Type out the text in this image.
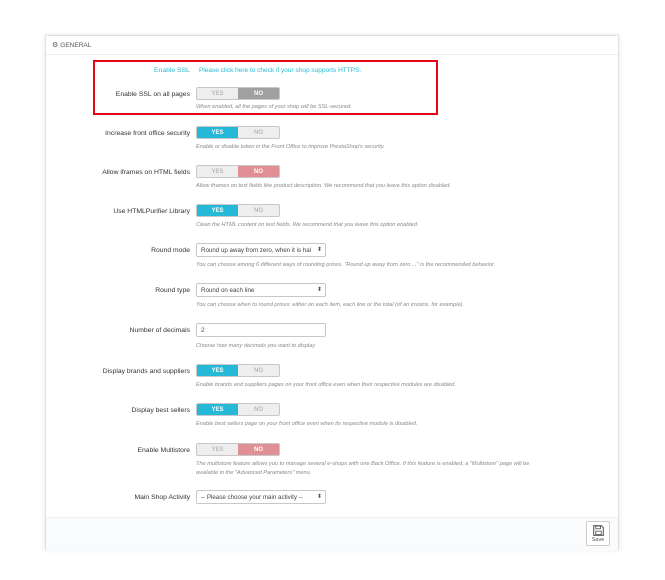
⚙ GENERAL
Enable SSL Please click here to check if your shop supports HTTPS.
Enable SSL on all pages	YES	NO
When enabled, all the pages of your shop will be SSL-secured.
Increase front office security	YES	NO
Enable or disable token in the Front Office to improve PrestaShop's security.
Allow iframes on HTML fields	YES	NO
Allow iframes on text fields like product description. We recommend that you leave this option disabled.
Use HTMLPurifier Library	YES	NO
Clean the HTML content on text fields. We recommend that you leave this option enabled.
Round mode	Round up away from zero, when it is hal ⬍
You can choose among 6 different ways of rounding prices. "Round up away from zero ..." is the recommended behavior.
Round type	Round on each line	⬍
You can choose when to round prices: either on each item, each line or the total (of an invoice, for example).
Number of decimals	2
Choose how many decimals you want to display
Display brands and suppliers	YES	NO
Enable brands and suppliers pages on your front office even when their respective modules are disabled.
Display best sellers	YES	NO
Enable best sellers page on your front office even when its respective module is disabled.
Enable Multistore	YES	NO
The multistore feature allows you to manage several e-shops with one Back Office. If this feature is enabled, a "Multistore" page will be
available in the "Advanced Parameters" menu.
Main Shop Activity	-- Please choose your main activity -- ⬍
Save
